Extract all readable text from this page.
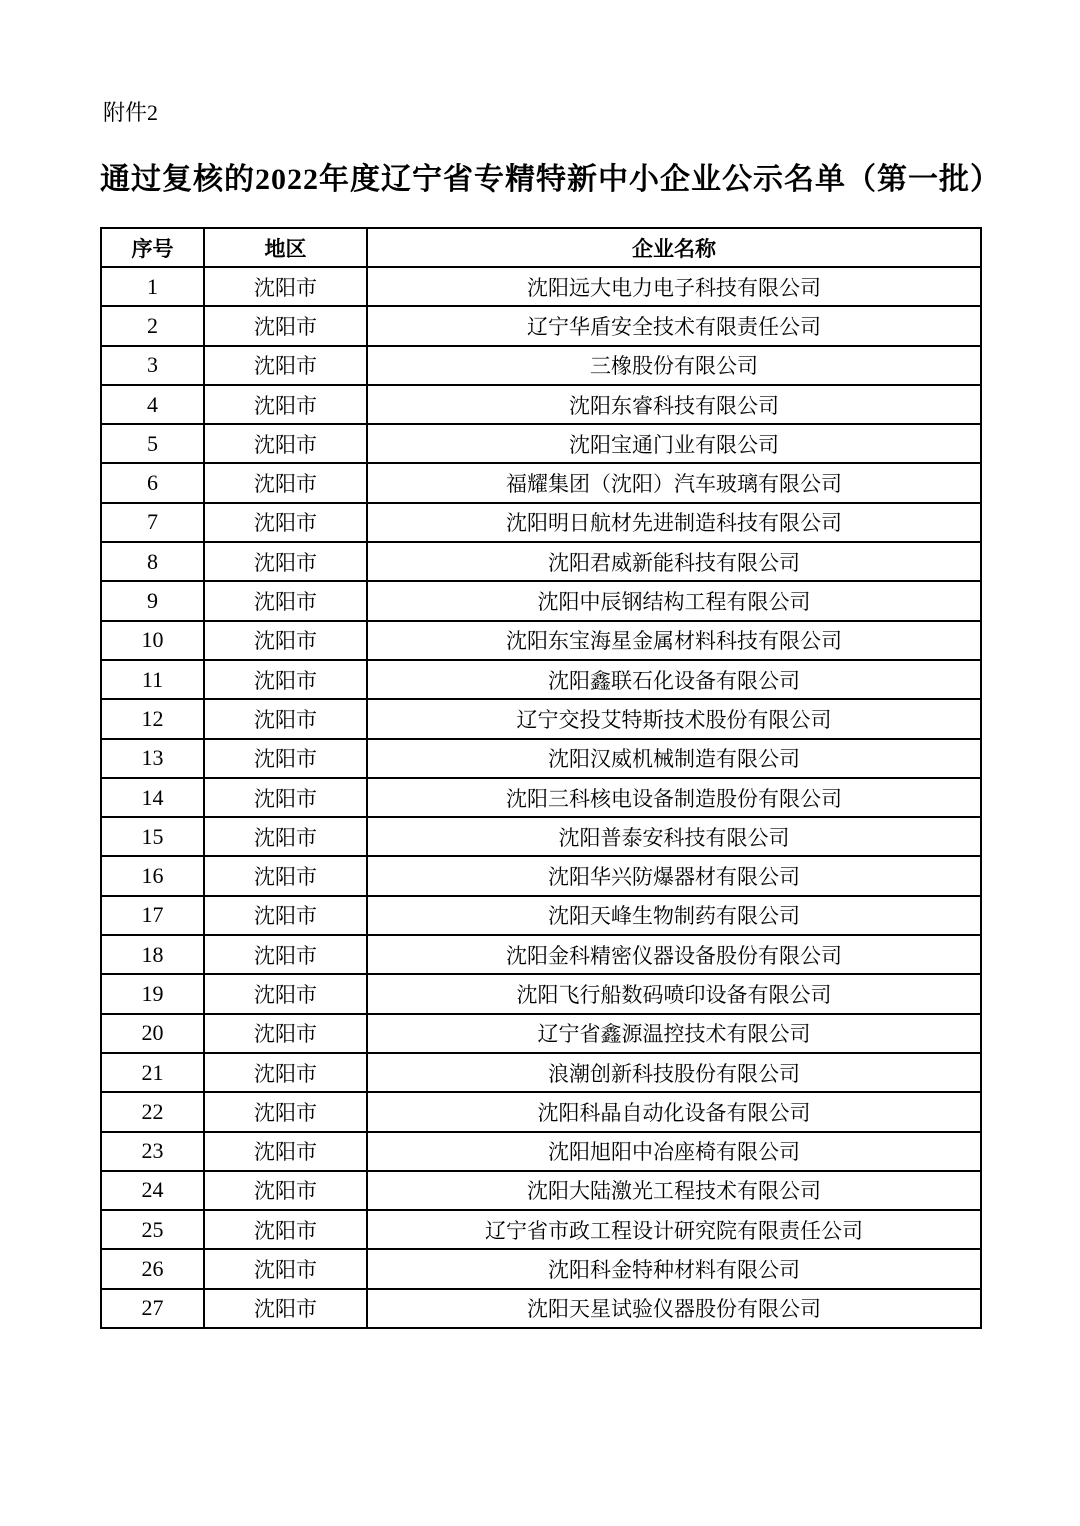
附件2
通过复核的2022年度辽宁省专精特新中小企业公示名单（第一批）
序号	地区	企业名称
1	沈阳市	沈阳远大电力电子科技有限公司
2	沈阳市	辽宁华盾安全技术有限责任公司
3	沈阳市	三橡股份有限公司
4	沈阳市	沈阳东睿科技有限公司
5	沈阳市	沈阳宝通门业有限公司
6	沈阳市	福耀集团（沈阳）汽车玻璃有限公司
7	沈阳市	沈阳明日航材先进制造科技有限公司
8	沈阳市	沈阳君威新能科技有限公司
9	沈阳市	沈阳中辰钢结构工程有限公司
10	沈阳市	沈阳东宝海星金属材料科技有限公司
11	沈阳市	沈阳鑫联石化设备有限公司
12	沈阳市	辽宁交投艾特斯技术股份有限公司
13	沈阳市	沈阳汉威机械制造有限公司
14	沈阳市	沈阳三科核电设备制造股份有限公司
15	沈阳市	沈阳普泰安科技有限公司
16	沈阳市	沈阳华兴防爆器材有限公司
17	沈阳市	沈阳天峰生物制药有限公司
18	沈阳市	沈阳金科精密仪器设备股份有限公司
19	沈阳市	沈阳飞行船数码喷印设备有限公司
20	沈阳市	辽宁省鑫源温控技术有限公司
21	沈阳市	浪潮创新科技股份有限公司
22	沈阳市	沈阳科晶自动化设备有限公司
23	沈阳市	沈阳旭阳中冶座椅有限公司
24	沈阳市	沈阳大陆激光工程技术有限公司
25	沈阳市	辽宁省市政工程设计研究院有限责任公司
26	沈阳市	沈阳科金特种材料有限公司
27	沈阳市	沈阳天星试验仪器股份有限公司
